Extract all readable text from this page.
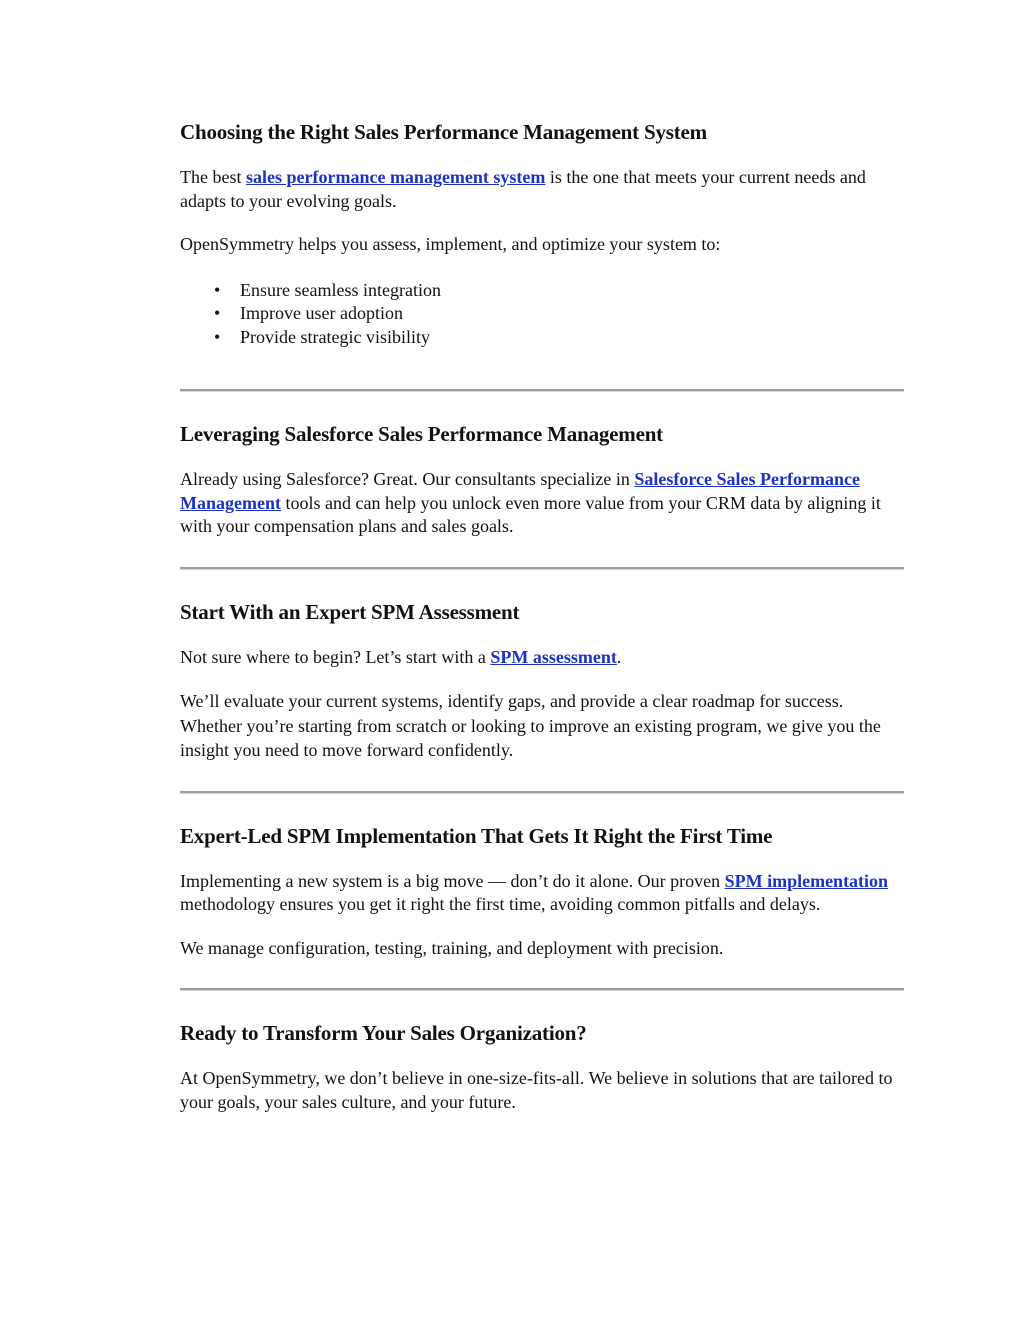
Choosing the Right Sales Performance Management System

The best sales performance management system is the one that meets your current needs and adapts to your evolving goals.

OpenSymmetry helps you assess, implement, and optimize your system to:

• Ensure seamless integration
• Improve user adoption
• Provide strategic visibility
Leveraging Salesforce Sales Performance Management

Already using Salesforce? Great. Our consultants specialize in Salesforce Sales Performance Management tools and can help you unlock even more value from your CRM data by aligning it with your compensation plans and sales goals.

Start With an Expert SPM Assessment

Not sure where to begin? Let’s start with a SPM assessment.

We’ll evaluate your current systems, identify gaps, and provide a clear roadmap for success. Whether you’re starting from scratch or looking to improve an existing program, we give you the insight you need to move forward confidently.

Expert-Led SPM Implementation That Gets It Right the First Time

Implementing a new system is a big move — don’t do it alone. Our proven SPM implementation methodology ensures you get it right the first time, avoiding common pitfalls and delays.

We manage configuration, testing, training, and deployment with precision.

Ready to Transform Your Sales Organization?

At OpenSymmetry, we don’t believe in one-size-fits-all. We believe in solutions that are tailored to your goals, your sales culture, and your future.
